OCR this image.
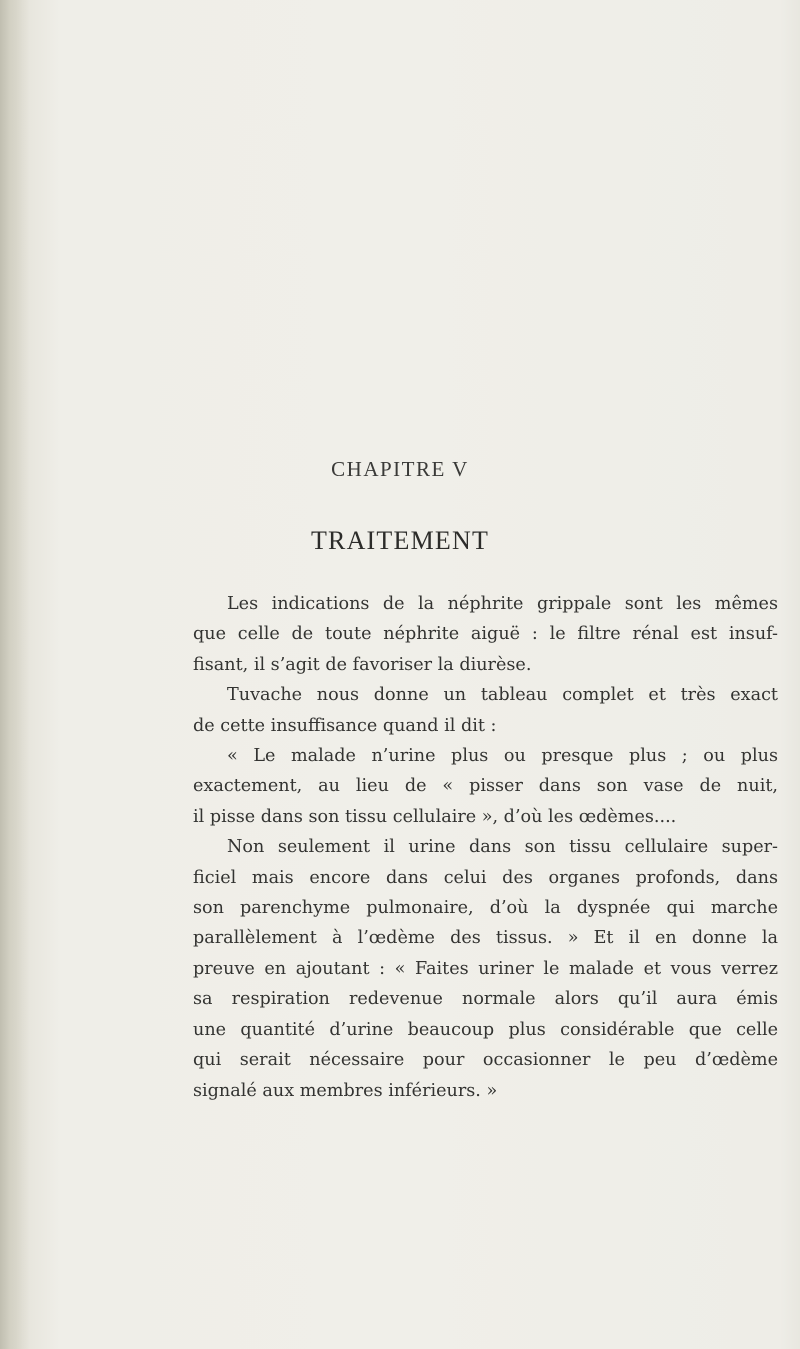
CHAPITRE V
TRAITEMENT
Les indications de la néphrite grippale sont les mêmes
que celle de toute néphrite aiguë : le filtre rénal est insuf-
fisant, il s’agit de favoriser la diurèse.
Tuvache nous donne un tableau complet et très exact
de cette insuffisance quand il dit :
« Le malade n’urine plus ou presque plus ; ou plus
exactement, au lieu de « pisser dans son vase de nuit,
il pisse dans son tissu cellulaire », d’où les œdèmes....
Non seulement il urine dans son tissu cellulaire super-
ficiel mais encore dans celui des organes profonds, dans
son parenchyme pulmonaire, d’où la dyspnée qui marche
parallèlement à l’œdème des tissus. » Et il en donne la
preuve en ajoutant : « Faites uriner le malade et vous verrez
sa respiration redevenue normale alors qu’il aura émis
une quantité d’urine beaucoup plus considérable que celle
qui serait nécessaire pour occasionner le peu d’œdème
signalé aux membres inférieurs. »
